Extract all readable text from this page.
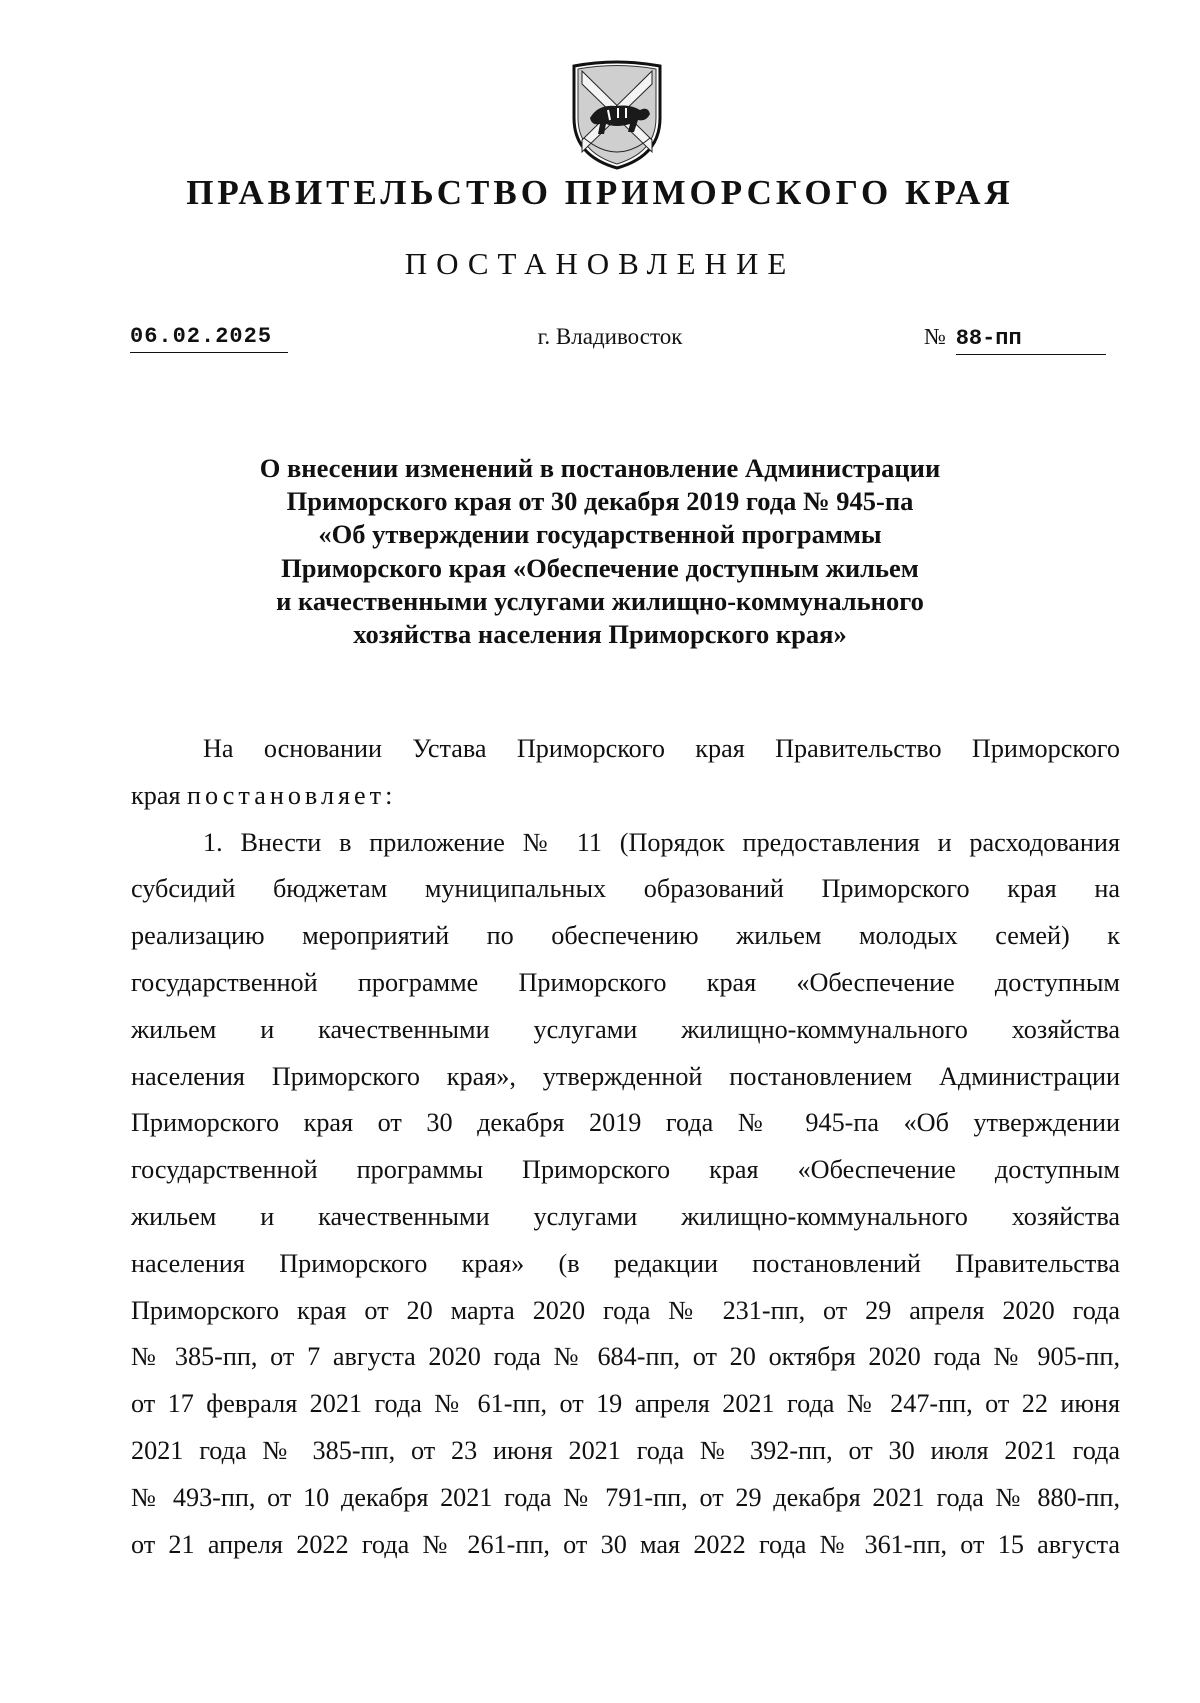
ПРАВИТЕЛЬСТВО ПРИМОРСКОГО КРАЯ
ПОСТАНОВЛЕНИЕ
06.02.2025	г. Владивосток	№ 88-пп
О внесении изменений в постановление Администрации
Приморского края от 30 декабря 2019 года № 945-па
«Об утверждении государственной программы
Приморского края «Обеспечение доступным жильем
и качественными услугами жилищно-коммунального
хозяйства населения Приморского края»
На основании Устава Приморского края Правительство Приморского
края постановляет:
1. Внести в приложение № 11 (Порядок предоставления и расходования
субсидий бюджетам муниципальных образований Приморского края на
реализацию мероприятий по обеспечению жильем молодых семей) к
государственной программе Приморского края «Обеспечение доступным
жильем и качественными услугами жилищно-коммунального хозяйства
населения Приморского края», утвержденной постановлением Администрации
Приморского края от 30 декабря 2019 года № 945-па «Об утверждении
государственной программы Приморского края «Обеспечение доступным
жильем и качественными услугами жилищно-коммунального хозяйства
населения Приморского края» (в редакции постановлений Правительства
Приморского края от 20 марта 2020 года № 231-пп, от 29 апреля 2020 года
№ 385-пп, от 7 августа 2020 года № 684-пп, от 20 октября 2020 года № 905-пп,
от 17 февраля 2021 года № 61-пп, от 19 апреля 2021 года № 247-пп, от 22 июня
2021 года № 385-пп, от 23 июня 2021 года № 392-пп, от 30 июля 2021 года
№ 493-пп, от 10 декабря 2021 года № 791-пп, от 29 декабря 2021 года № 880-пп,
от 21 апреля 2022 года № 261-пп, от 30 мая 2022 года № 361-пп, от 15 августа
